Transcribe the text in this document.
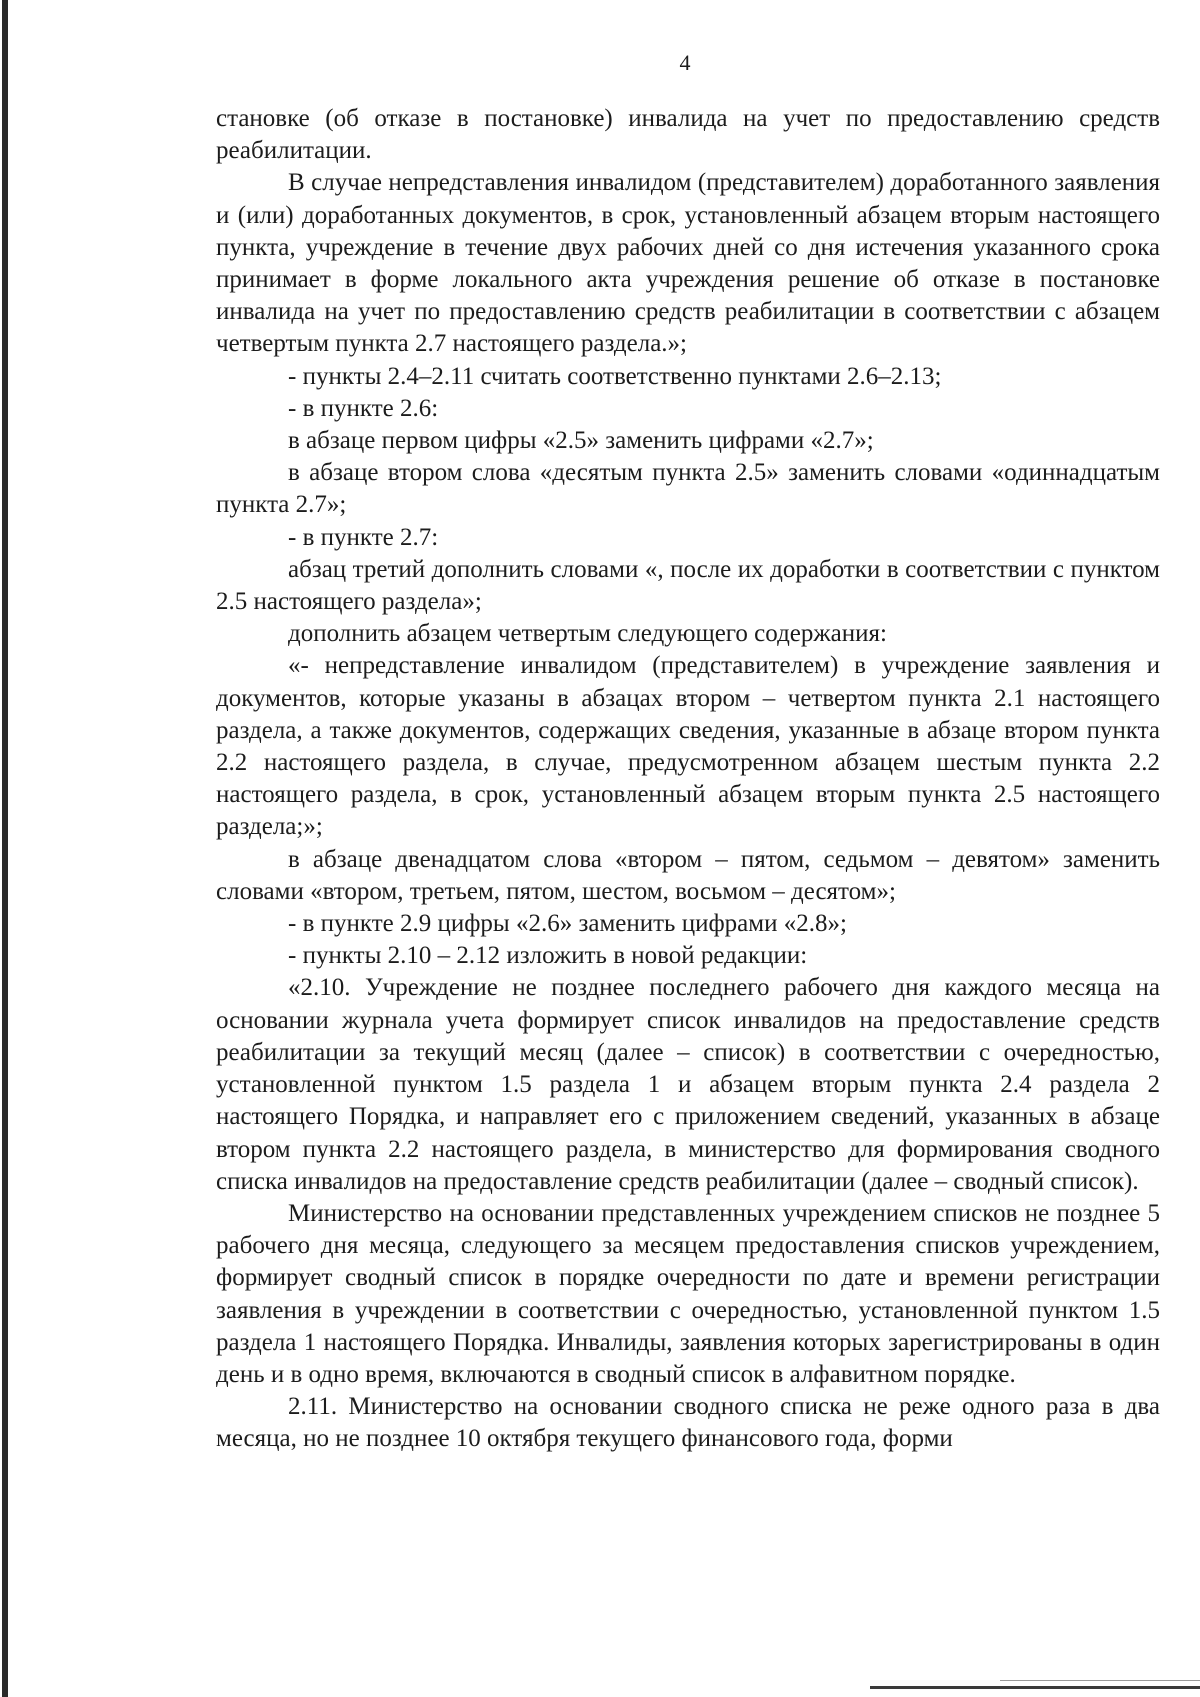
4

становке (об отказе в постановке) инвалида на учет по предоставлению средств реабилитации.

В случае непредставления инвалидом (представителем) доработанного заявления и (или) доработанных документов, в срок, установленный абзацем вторым настоящего пункта, учреждение в течение двух рабочих дней со дня истечения указанного срока принимает в форме локального акта учреждения решение об отказе в постановке инвалида на учет по предоставлению средств реабилитации в соответствии с абзацем четвертым пункта 2.7 настоящего раздела.»;

- пункты 2.4–2.11 считать соответственно пунктами 2.6–2.13;

- в пункте 2.6:

в абзаце первом цифры «2.5» заменить цифрами «2.7»;

в абзаце втором слова «десятым пункта 2.5» заменить словами «одиннадцатым пункта 2.7»;

- в пункте 2.7:

абзац третий дополнить словами «, после их доработки в соответствии с пунктом 2.5 настоящего раздела»;

дополнить абзацем четвертым следующего содержания:

«- непредставление инвалидом (представителем) в учреждение заявления и документов, которые указаны в абзацах втором – четвертом пункта 2.1 настоящего раздела, а также документов, содержащих сведения, указанные в абзаце втором пункта 2.2 настоящего раздела, в случае, предусмотренном абзацем шестым пункта 2.2 настоящего раздела, в срок, установленный абзацем вторым пункта 2.5 настоящего раздела;»;

в абзаце двенадцатом слова «втором – пятом, седьмом – девятом» заменить словами «втором, третьем, пятом, шестом, восьмом – десятом»;

- в пункте 2.9 цифры «2.6» заменить цифрами «2.8»;

- пункты 2.10 – 2.12 изложить в новой редакции:

«2.10. Учреждение не позднее последнего рабочего дня каждого месяца на основании журнала учета формирует список инвалидов на предоставление средств реабилитации за текущий месяц (далее – список) в соответствии с очередностью, установленной пунктом 1.5 раздела 1 и абзацем вторым пункта 2.4 раздела 2 настоящего Порядка, и направляет его с приложением сведений, указанных в абзаце втором пункта 2.2 настоящего раздела, в министерство для формирования сводного списка инвалидов на предоставление средств реабилитации (далее – сводный список).

Министерство на основании представленных учреждением списков не позднее 5 рабочего дня месяца, следующего за месяцем предоставления списков учреждением, формирует сводный список в порядке очередности по дате и времени регистрации заявления в учреждении в соответствии с очередностью, установленной пунктом 1.5 раздела 1 настоящего Порядка. Инвалиды, заявления которых зарегистрированы в один день и в одно время, включаются в сводный список в алфавитном порядке.

2.11. Министерство на основании сводного списка не реже одного раза в два месяца, но не позднее 10 октября текущего финансового года, форми
